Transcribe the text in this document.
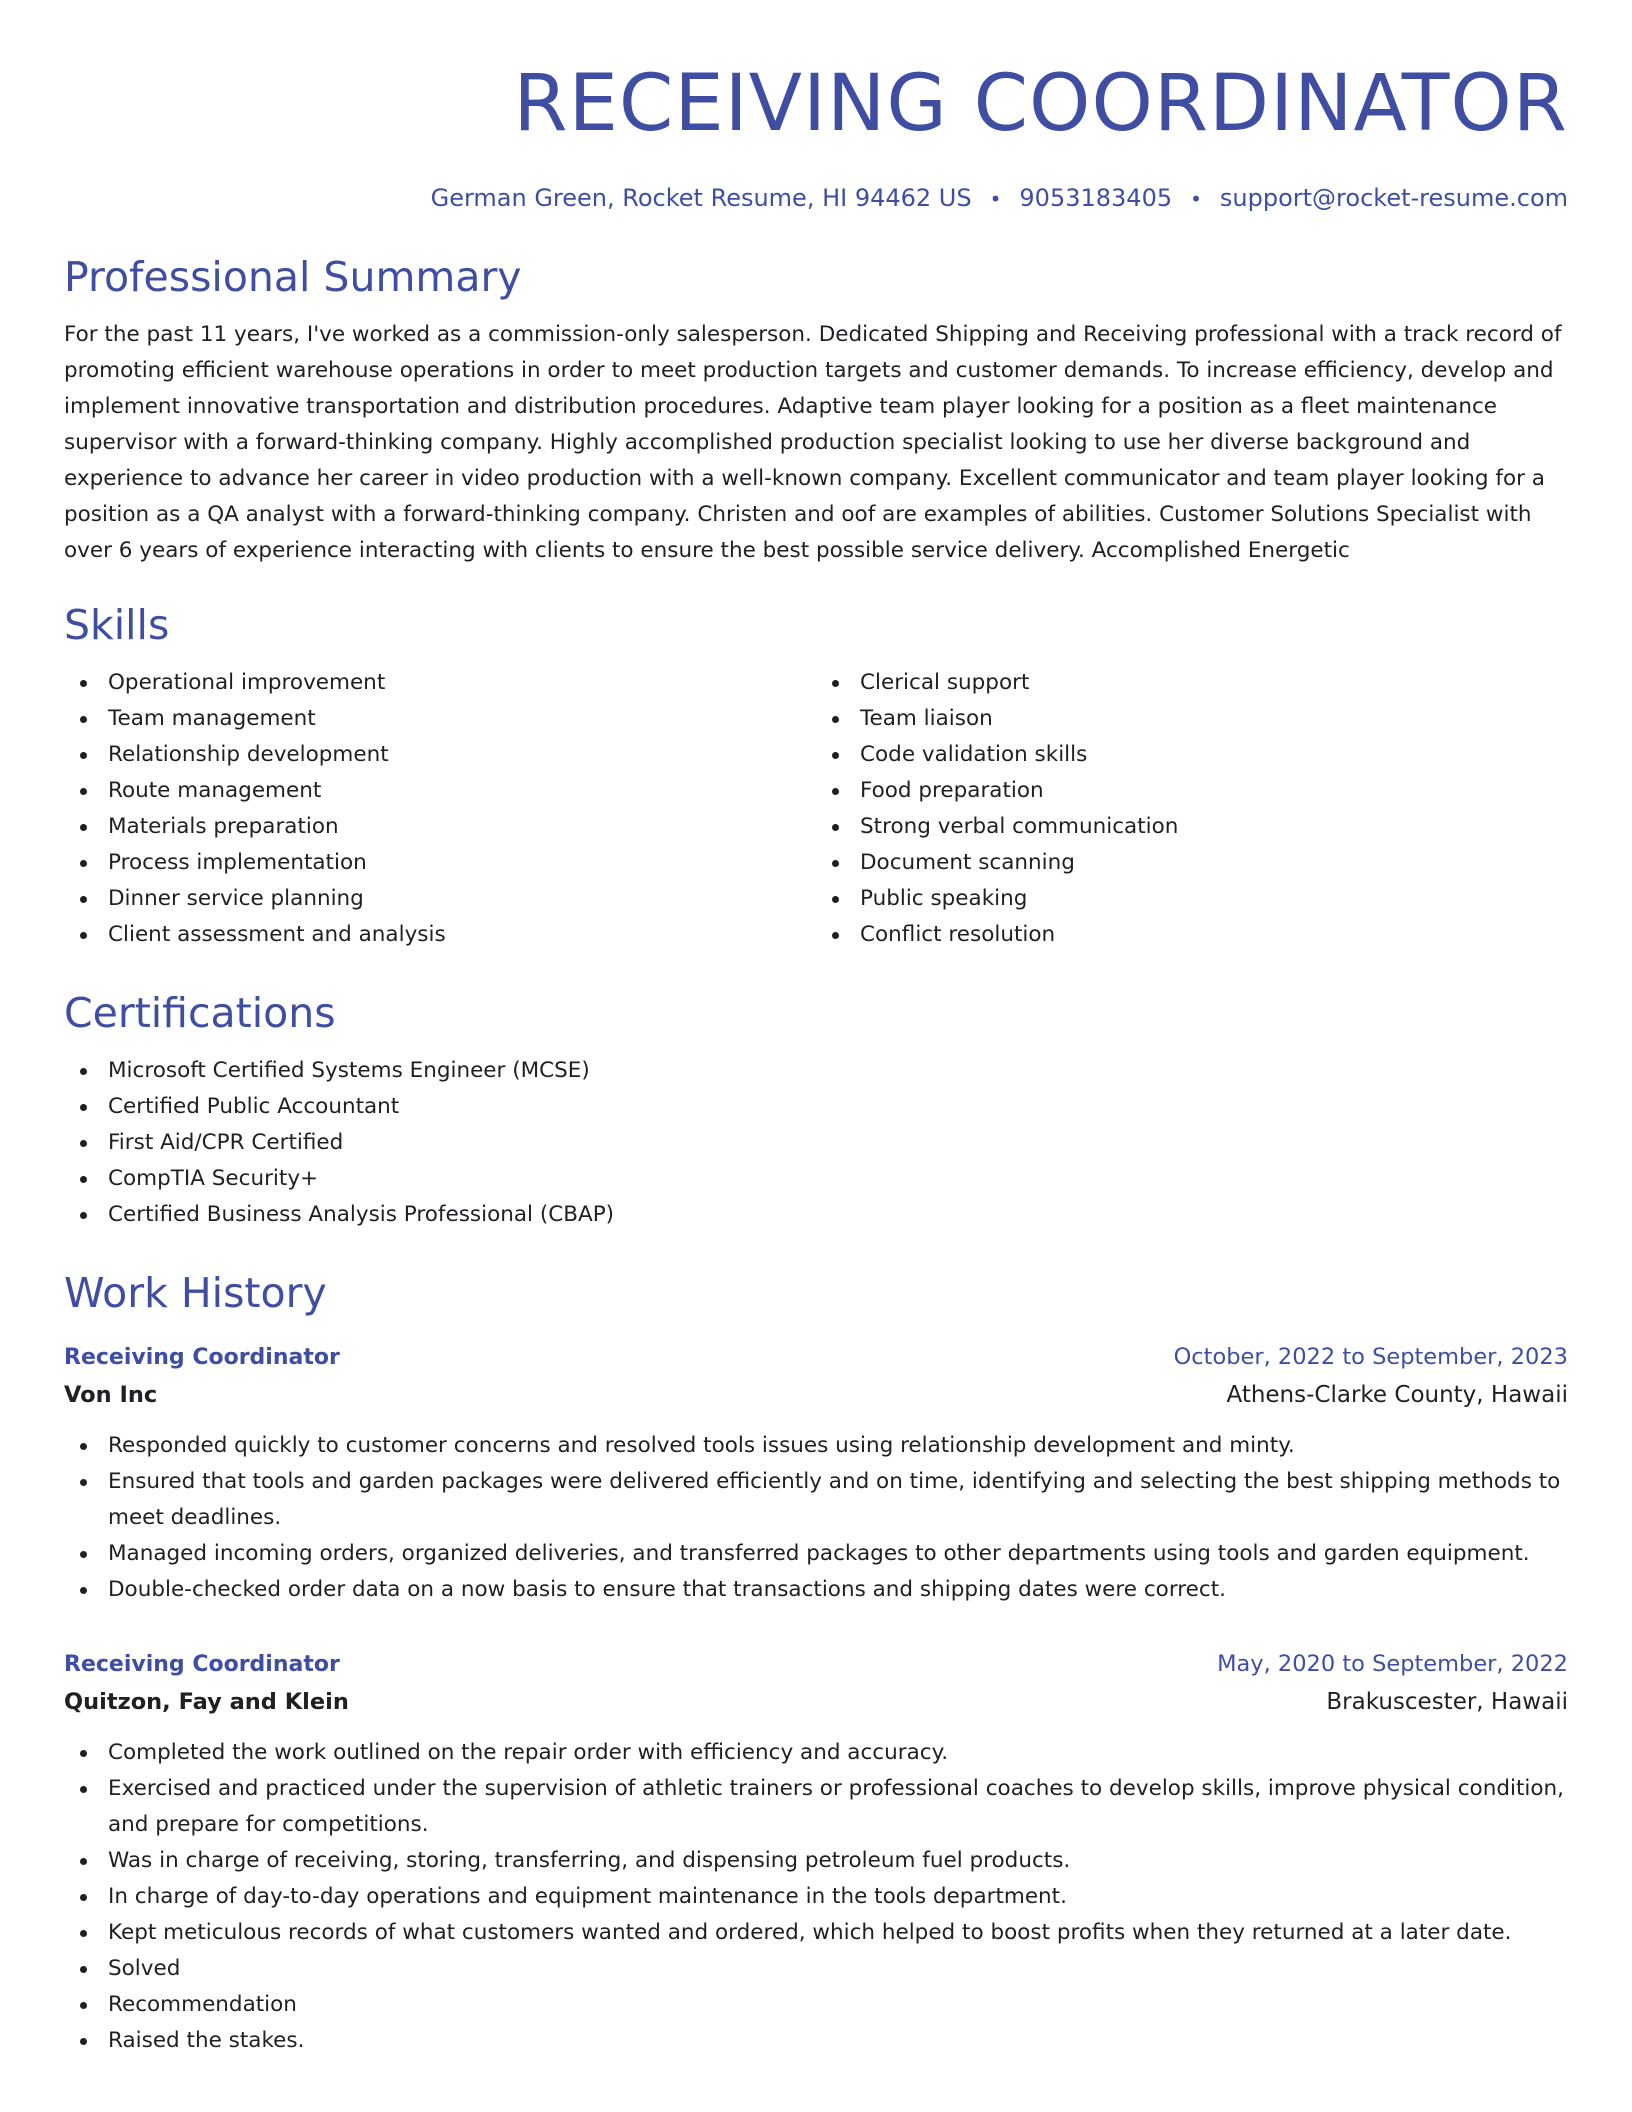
RECEIVING COORDINATOR
German Green, Rocket Resume, HI 94462 US • 9053183405 • support@rocket-resume.com
Professional Summary

For the past 11 years, I've worked as a commission-only salesperson. Dedicated Shipping and Receiving professional with a track record of promoting efficient warehouse operations in order to meet production targets and customer demands. To increase efficiency, develop and implement innovative transportation and distribution procedures. Adaptive team player looking for a position as a fleet maintenance supervisor with a forward-thinking company. Highly accomplished production specialist looking to use her diverse background and experience to advance her career in video production with a well-known company. Excellent communicator and team player looking for a position as a QA analyst with a forward-thinking company. Christen and oof are examples of abilities. Customer Solutions Specialist with over 6 years of experience interacting with clients to ensure the best possible service delivery. Accomplished Energetic

Skills
Operational improvement
Team management
Relationship development
Route management
Materials preparation
Process implementation
Dinner service planning
Client assessment and analysis
Clerical support
Team liaison
Code validation skills
Food preparation
Strong verbal communication
Document scanning
Public speaking
Conflict resolution
Certifications
Microsoft Certified Systems Engineer (MCSE)
Certified Public Accountant
First Aid/CPR Certified
CompTIA Security+
Certified Business Analysis Professional (CBAP)
Work History
Receiving Coordinator	October, 2022 to September, 2023
Von Inc	Athens-Clarke County, Hawaii
Responded quickly to customer concerns and resolved tools issues using relationship development and minty.
Ensured that tools and garden packages were delivered efficiently and on time, identifying and selecting the best shipping methods to meet deadlines.
Managed incoming orders, organized deliveries, and transferred packages to other departments using tools and garden equipment.
Double-checked order data on a now basis to ensure that transactions and shipping dates were correct.
Receiving Coordinator	May, 2020 to September, 2022
Quitzon, Fay and Klein	Brakuscester, Hawaii
Completed the work outlined on the repair order with efficiency and accuracy.
Exercised and practiced under the supervision of athletic trainers or professional coaches to develop skills, improve physical condition, and prepare for competitions.
Was in charge of receiving, storing, transferring, and dispensing petroleum fuel products.
In charge of day-to-day operations and equipment maintenance in the tools department.
Kept meticulous records of what customers wanted and ordered, which helped to boost profits when they returned at a later date.
Solved
Recommendation
Raised the stakes.
